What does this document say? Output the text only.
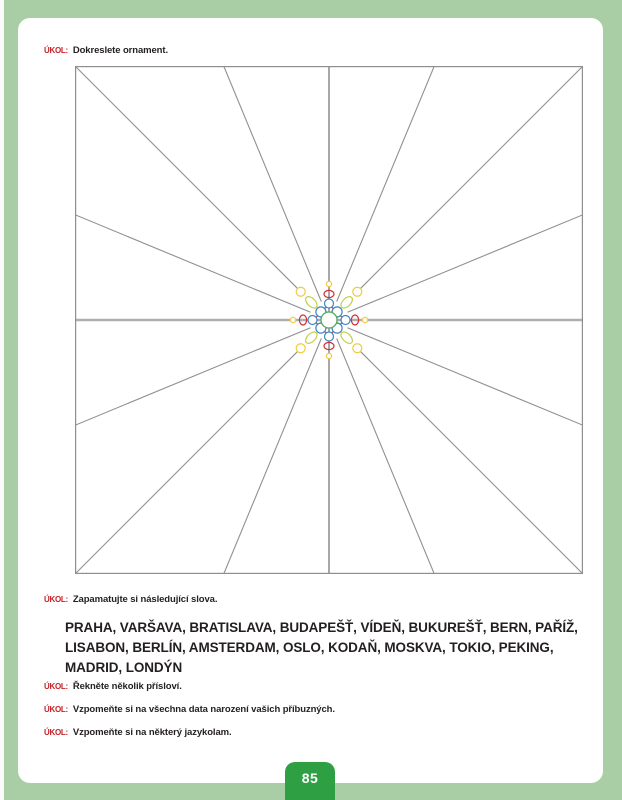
ÚKOL: Dokreslete ornament.
ÚKOL: Zapamatujte si následující slova.
PRAHA, VARŠAVA, BRATISLAVA, BUDAPEŠŤ, VÍDEŇ, BUKUREŠŤ, BERN, PAŘÍŽ,
LISABON, BERLÍN, AMSTERDAM, OSLO, KODAŇ, MOSKVA, TOKIO, PEKING,
MADRID, LONDÝN
ÚKOL: Řekněte několik přísloví.
ÚKOL: Vzpomeňte si na všechna data narození vašich příbuzných.
ÚKOL: Vzpomeňte si na některý jazykolam.
85
